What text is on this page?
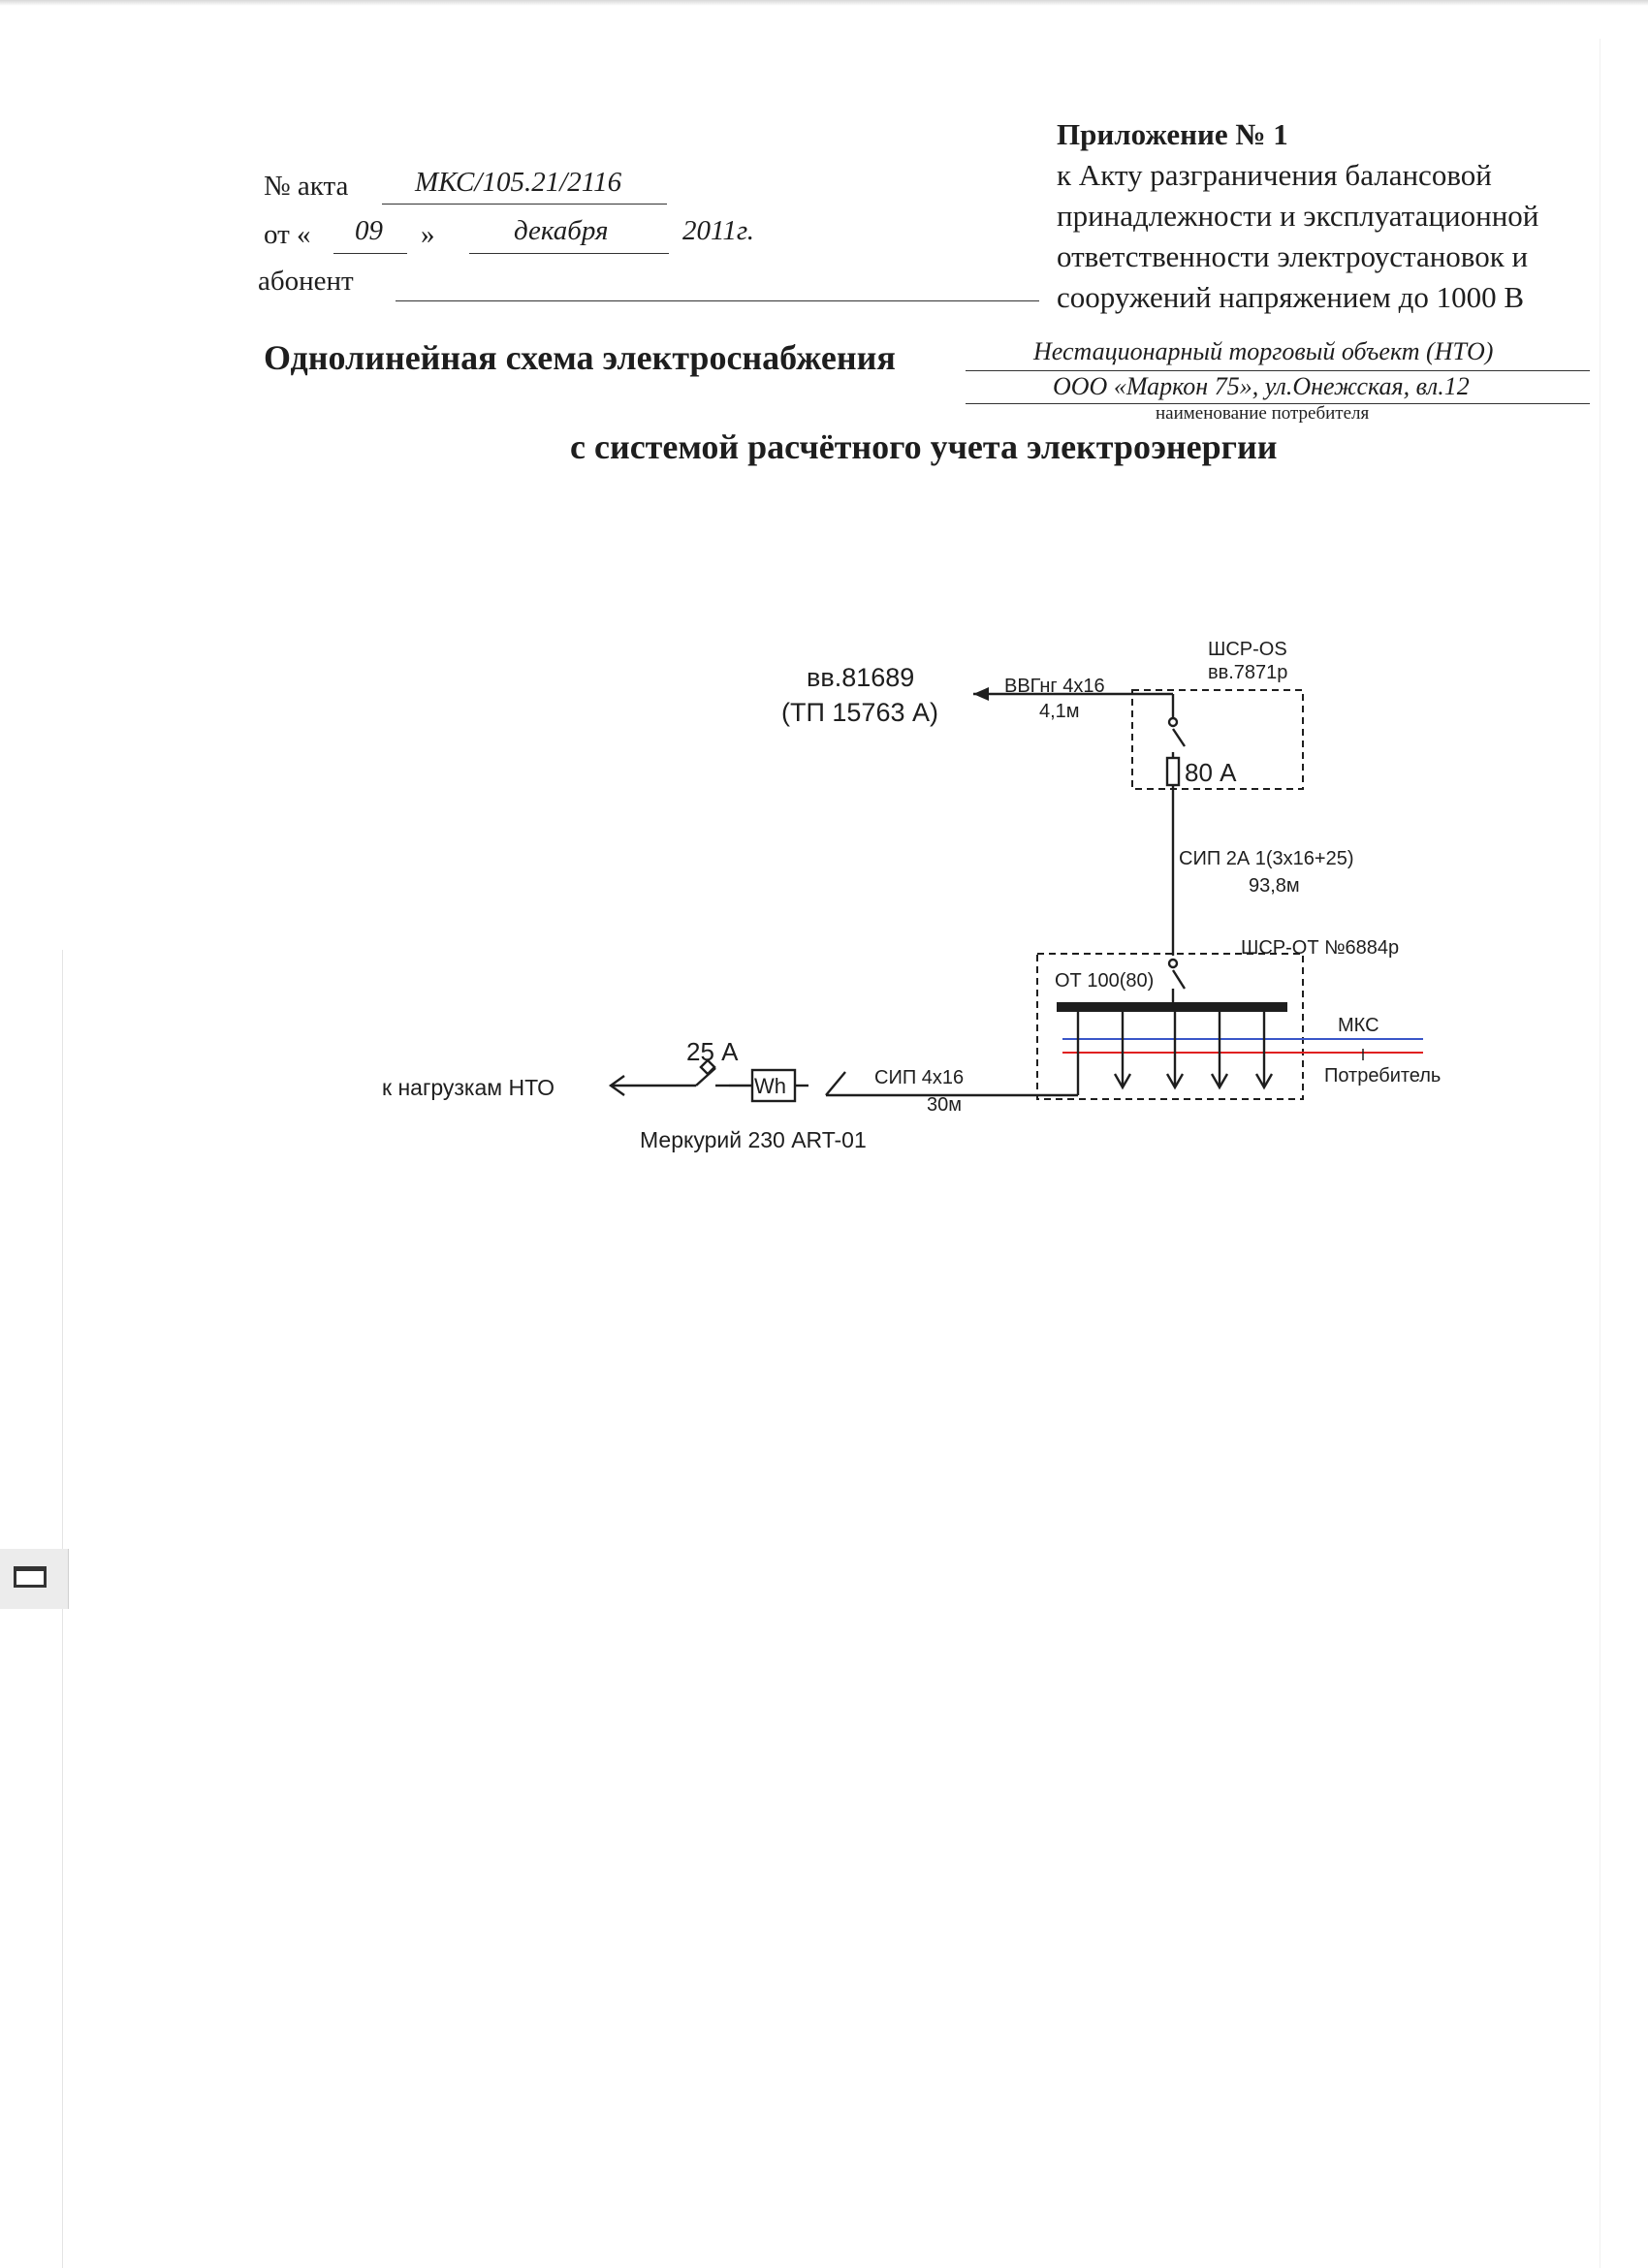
№ акта МКС/105.21/2116
от « 09 »	декабря	2011г.
абонент
Приложение № 1
к Акту разграничения балансовой
принадлежности и эксплуатационной
ответственности электроустановок и
сооружений напряжением до 1000 В
Однолинейная схема электроснабжения	Нестационарный торговый объект (НТО)
ООО «Маркон 75», ул.Онежская, вл.12
наименование потребителя
с системой расчётного учета электроэнергии
вв.81689
(ТП 15763 А)
ВВГнг 4х16
4,1м
ШСР-OS
вв.7871р
80 А
СИП 2А 1(3х16+25)
93,8м
ШСР-ОТ №6884р
ОТ 100(80)
МКС
Потребитель
СИП 4х16
30м
Wh
Меркурий 230 ART-01
25 А
к нагрузкам НТО
